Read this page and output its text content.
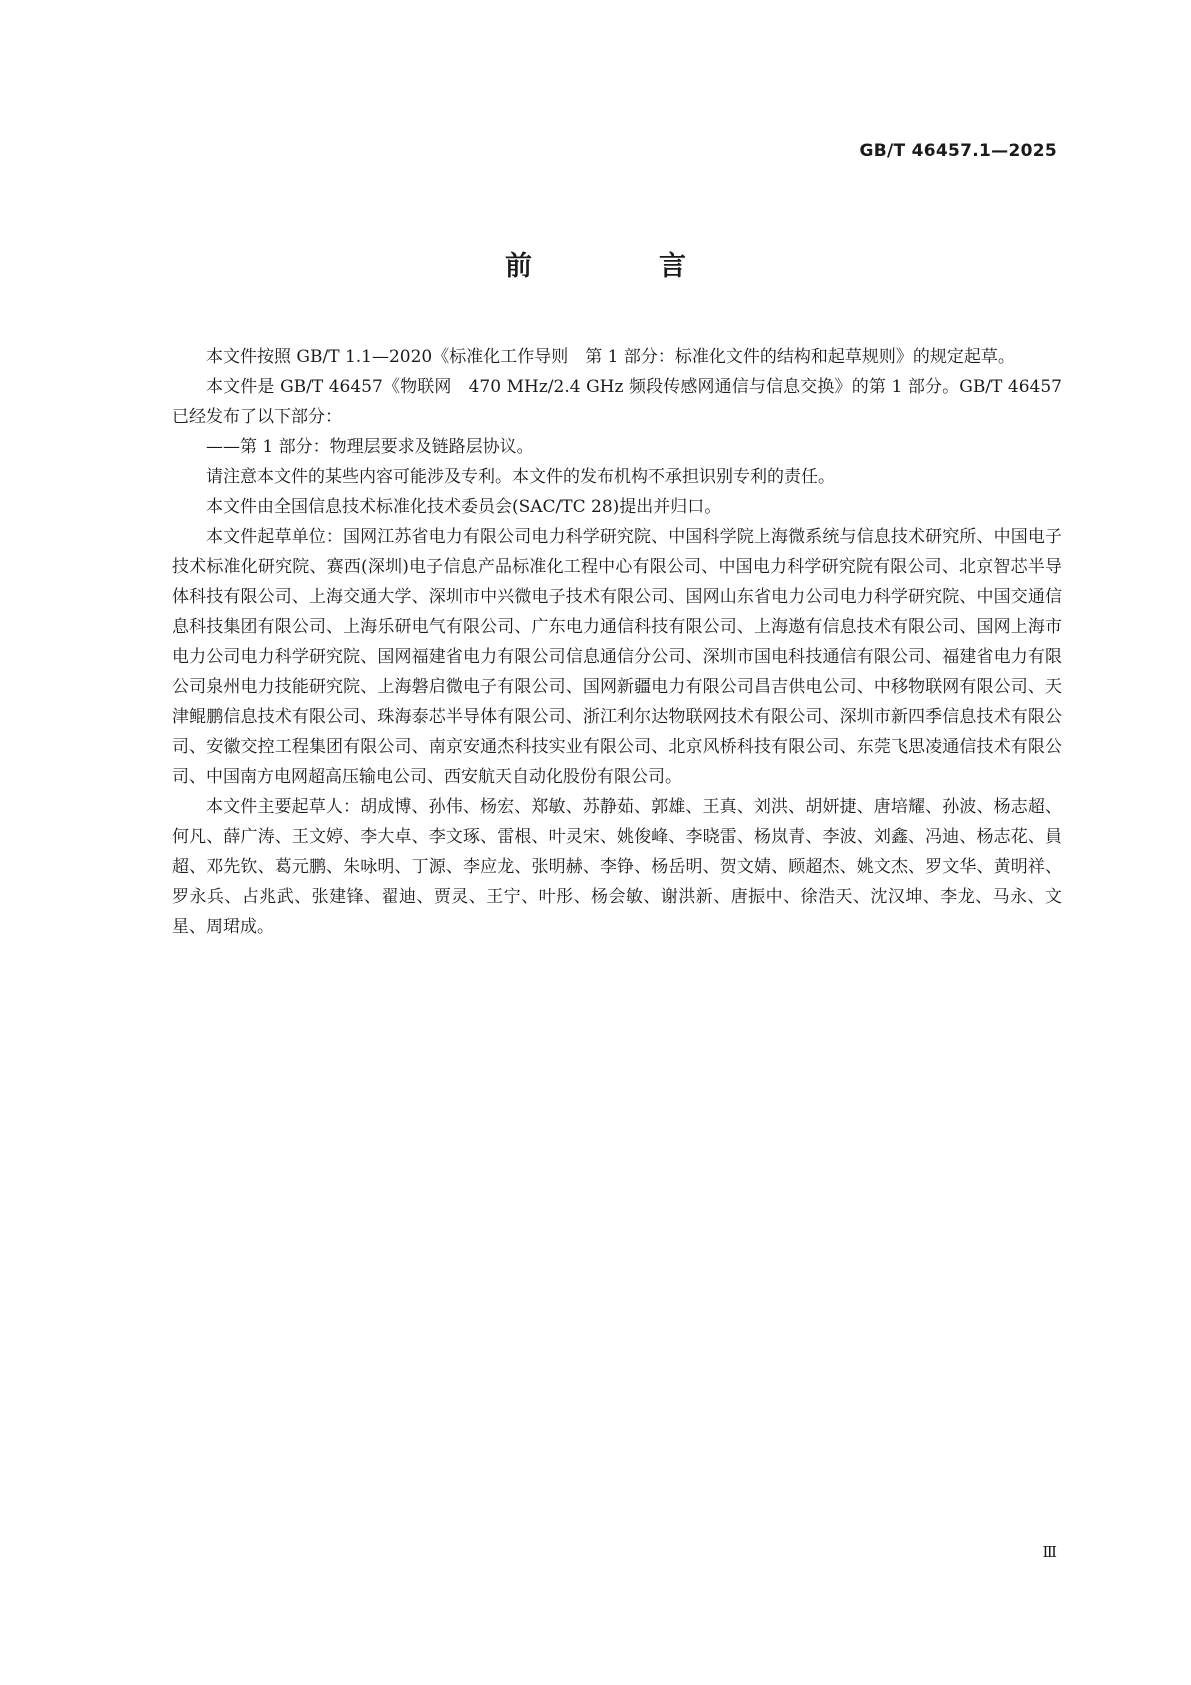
GB/T 46457.1—2025
前　言

本文件按照 GB/T 1.1—2020《标准化工作导则　第 1 部分：标准化文件的结构和起草规则》的规定起草。

本文件是 GB/T 46457《物联网　470 MHz/2.4 GHz 频段传感网通信与信息交换》的第 1 部分。GB/T 46457 已经发布了以下部分：

——第 1 部分：物理层要求及链路层协议。

请注意本文件的某些内容可能涉及专利。本文件的发布机构不承担识别专利的责任。

本文件由全国信息技术标准化技术委员会(SAC/TC 28)提出并归口。

本文件起草单位：国网江苏省电力有限公司电力科学研究院、中国科学院上海微系统与信息技术研究所、中国电子技术标准化研究院、赛西(深圳)电子信息产品标准化工程中心有限公司、中国电力科学研究院有限公司、北京智芯半导体科技有限公司、上海交通大学、深圳市中兴微电子技术有限公司、国网山东省电力公司电力科学研究院、中国交通信息科技集团有限公司、上海乐研电气有限公司、广东电力通信科技有限公司、上海遨有信息技术有限公司、国网上海市电力公司电力科学研究院、国网福建省电力有限公司信息通信分公司、深圳市国电科技通信有限公司、福建省电力有限公司泉州电力技能研究院、上海磐启微电子有限公司、国网新疆电力有限公司昌吉供电公司、中移物联网有限公司、天津鲲鹏信息技术有限公司、珠海泰芯半导体有限公司、浙江利尔达物联网技术有限公司、深圳市新四季信息技术有限公司、安徽交控工程集团有限公司、南京安通杰科技实业有限公司、北京风桥科技有限公司、东莞飞思凌通信技术有限公司、中国南方电网超高压输电公司、西安航天自动化股份有限公司。

本文件主要起草人：胡成博、孙伟、杨宏、郑敏、苏静茹、郭雄、王真、刘洪、胡妍捷、唐培耀、孙波、杨志超、何凡、薛广涛、王文婷、李大卓、李文琢、雷根、叶灵宋、姚俊峰、李晓雷、杨岚青、李波、刘鑫、冯迪、杨志花、員超、邓先钦、葛元鹏、朱咏明、丁源、李应龙、张明赫、李铮、杨岳明、贺文婧、顾超杰、姚文杰、罗文华、黄明祥、罗永兵、占兆武、张建锋、翟迪、贾灵、王宁、叶彤、杨会敏、谢洪新、唐振中、徐浩天、沈汉坤、李龙、马永、文星、周珺成。

Ⅲ
